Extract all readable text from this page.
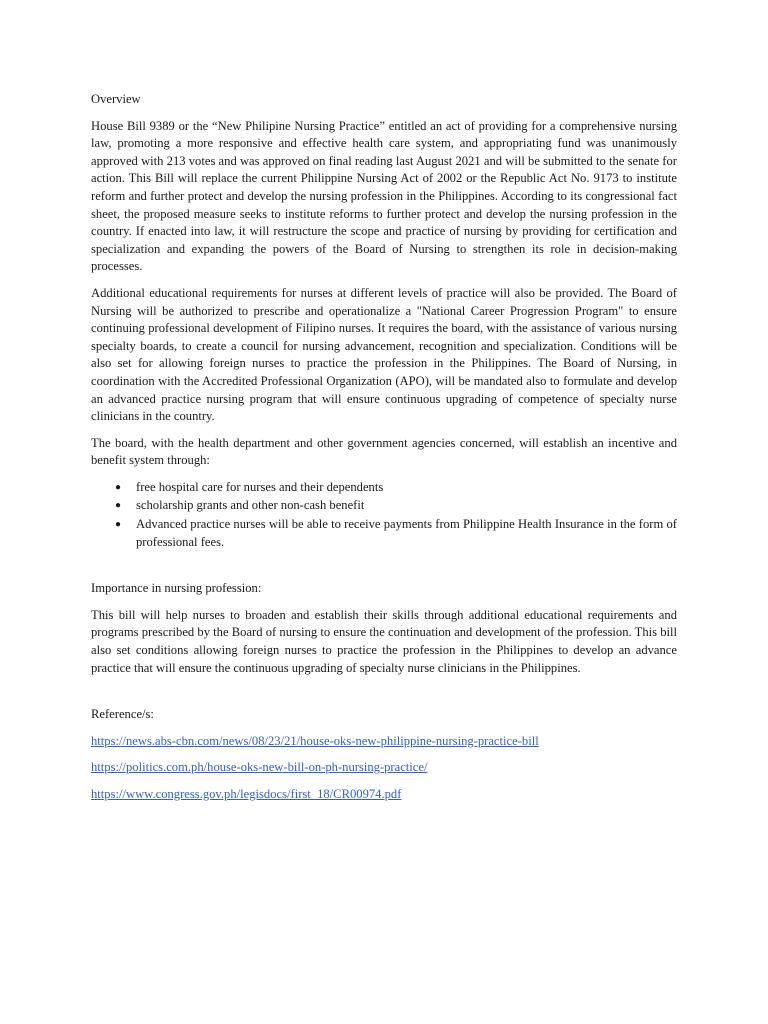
Overview

House Bill 9389 or the “New Philipine Nursing Practice” entitled an act of providing for a comprehensive nursing law, promoting a more responsive and effective health care system, and appropriating fund was unanimously approved with 213 votes and was approved on final reading last August 2021 and will be submitted to the senate for action. This Bill will replace the current Philippine Nursing Act of 2002 or the Republic Act No. 9173 to institute reform and further protect and develop the nursing profession in the Philippines. According to its congressional fact sheet, the proposed measure seeks to institute reforms to further protect and develop the nursing profession in the country. If enacted into law, it will restructure the scope and practice of nursing by providing for certification and specialization and expanding the powers of the Board of Nursing to strengthen its role in decision-making processes.

Additional educational requirements for nurses at different levels of practice will also be provided. The Board of Nursing will be authorized to prescribe and operationalize a "National Career Progression Program" to ensure continuing professional development of Filipino nurses. It requires the board, with the assistance of various nursing specialty boards, to create a council for nursing advancement, recognition and specialization. Conditions will be also set for allowing foreign nurses to practice the profession in the Philippines. The Board of Nursing, in coordination with the Accredited Professional Organization (APO), will be mandated also to formulate and develop an advanced practice nursing program that will ensure continuous upgrading of competence of specialty nurse clinicians in the country.

The board, with the health department and other government agencies concerned, will establish an incentive and benefit system through:

● free hospital care for nurses and their dependents
● scholarship grants and other non-cash benefit
● Advanced practice nurses will be able to receive payments from Philippine Health Insurance in the form of professional fees.
Importance in nursing profession:

This bill will help nurses to broaden and establish their skills through additional educational requirements and programs prescribed by the Board of nursing to ensure the continuation and development of the profession. This bill also set conditions allowing foreign nurses to practice the profession in the Philippines to develop an advance practice that will ensure the continuous upgrading of specialty nurse clinicians in the Philippines.

Reference/s:
https://news.abs-cbn.com/news/08/23/21/house-oks-new-philippine-nursing-practice-bill
https://politics.com.ph/house-oks-new-bill-on-ph-nursing-practice/
https://www.congress.gov.ph/legisdocs/first_18/CR00974.pdf
